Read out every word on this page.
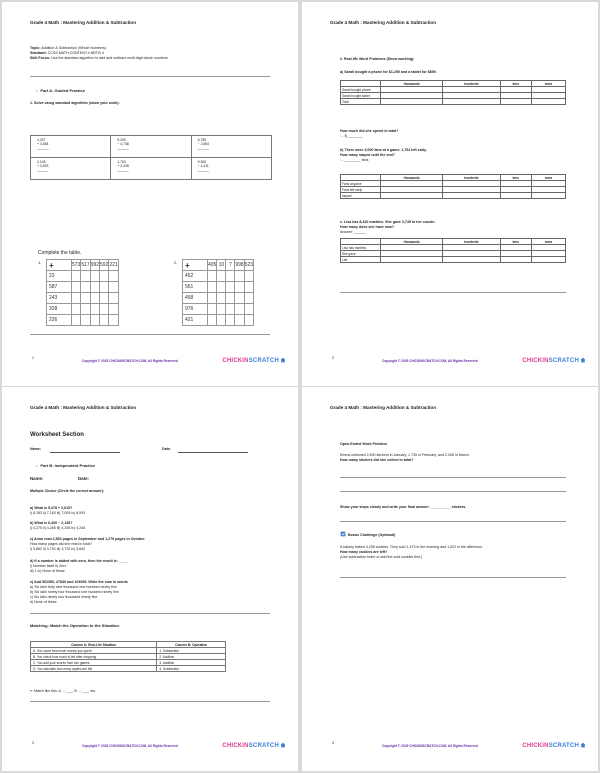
Grade 4 Math : Mastering Addition & Subtraction
Topic: Addition & Subtraction (Whole Numbers)
Standard: CCSS.MATH.CONTENT.4.NBT.B.4
Skill Focus: Use the standard algorithm to add and subtract multi-digit whole numbers.
• Part A: Guided Practice
1. Solve using standard algorithm (show your work):
4,327
+ 3,658
______	9,205
− 4,748
______	6,789
− 2,654
______
2,145
+ 3,923
______	1,763
+ 3,438
______	9,300
− 4,211
______
Complete the table.
1. +	573	517	992	592	221
23					
587					
243					
328					
226					
2. +	405	10	7	998	523
452					
561					
458					
976					
421					
1
Copyright © 2025 CHICKINSCRATCH.COM, All Rights Reserved	CHICKINSCRATCH
Grade 4 Math : Mastering Addition & Subtraction
2. Real-life Word Problems (Show working):
a) Sarah bought a phone for $1,250 and a tablet for $899.
	thousands	hundreds	tens	ones
Sarah bought phone				
Sarah bought tablet				
Total				
How much did she spend in total?
→ $________
b) There were 3,000 fans at a game. 1,764 left early.
How many stayed until the end?
→ ________ fans
	thousands	hundreds	tens	ones
Fans at game				
Fans left early				
stayed				
c. Lisa has 8,420 marbles. She gave 3,745 to her cousin.
How many does she have now?
Answer: ______
	thousands	hundreds	tens	ones
Lisa has marbles				
She gave				
Left				
2
Copyright © 2025 CHICKINSCRATCH.COM, All Rights Reserved	CHICKINSCRATCH
Grade 4 Math : Mastering Addition & Subtraction
Worksheet Section
Name:	Date:
• Part B: Independent Practice
Name:	Date:
Multiple Choice (Circle the correct answer):
a) What is 5,478 + 2,615?
i) 8,183 ii) 7,183 iii) 7,093 iv) 8,093
b) What is 6,400 − 2,145?
i) 4,275 ii) 4,265 iii) 4,255 iv) 4,245
c) Anna read 2,563 pages in September and 1,279 pages in October.
How many pages did she read in total?
i) 3,862 ii) 3,792 iii) 3,732 iv) 3,842
d) If a number is added with zero, then the result is: _____
i) Number itself ii) Zero
iii) 1 iv) None of these
e) Add 562350, 27840 and 104005. Write the sum in words
a) Six lakh forty nine thousand one hundred ninety five
b) Six lakh ninety four thousand one hundred ninety five
c) Six lakh ninety four thousand ninety five
d) None of these
Matching: Match the Operation to the Situation
Column A: Real-Life Situation	Column B: Operation
A. You count how much money you spent	1. Subtraction
B. You check how much is left after shopping	2. Addition
C. You add your scores from two games	3. Addition
D. You calculate how many apples are left	4. Subtraction
✏ Match like this: A → ___, B → ___, etc.
3
Copyright © 2025 CHICKINSCRATCH.COM, All Rights Reserved	CHICKINSCRATCH
Grade 4 Math : Mastering Addition & Subtraction
Open-Ended Word Problem
Emma collected 2,490 stickers in January, 1,735 in February, and 2,305 in March.
How many stickers did she collect in total?
Show your steps clearly and write your final answer: __________ stickers.
Bonus Challenge (Optional)
A bakery baked 4,208 cookies. They sold 1,473 in the morning and 1,822 in the afternoon.
How many cookies are left?
(Use subtraction twice or add the sold cookies first.)
4
Copyright © 2025 CHICKINSCRATCH.COM, All Rights Reserved	CHICKINSCRATCH
